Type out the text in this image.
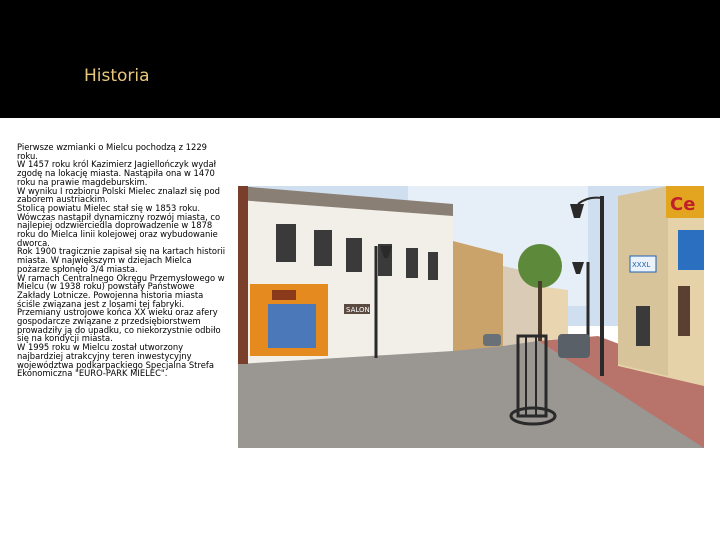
Historia
Pierwsze wzmianki o Mielcu pochodzą z 1229 roku.
W 1457 roku król Kazimierz Jagiellończyk wydał zgodę na lokację miasta. Nastąpiła ona w 1470 roku na prawie magdeburskim.
W wyniku I rozbioru Polski Mielec znalazł się pod zaborem austriackim.
Stolicą powiatu Mielec stał się w 1853 roku.
Wówczas nastąpił dynamiczny rozwój miasta, co najlepiej odzwierciedla doprowadzenie w 1878 roku do Mielca linii kolejowej oraz wybudowanie dworca.
Rok 1900 tragicznie zapisał się na kartach historii miasta. W największym w dziejach Mielca pożarze spłonęło 3/4 miasta.
W ramach Centralnego Okręgu Przemysłowego w Mielcu (w 1938 roku) powstały Państwowe Zakłady Lotnicze. Powojenna historia miasta ściśle związana jest z losami tej fabryki. Przemiany ustrojowe końca XX wieku oraz afery gospodarcze związane z przedsiębiorstwem prowadziły ją do upadku, co niekorzystnie odbiło się na kondycji miasta.
W 1995 roku w Mielcu został utworzony najbardziej atrakcyjny teren inwestycyjny województwa podkarpackiego Specjalna Strefa Ekonomiczna "EURO-PARK MIELEC".
SALON
Ce
XXXL
